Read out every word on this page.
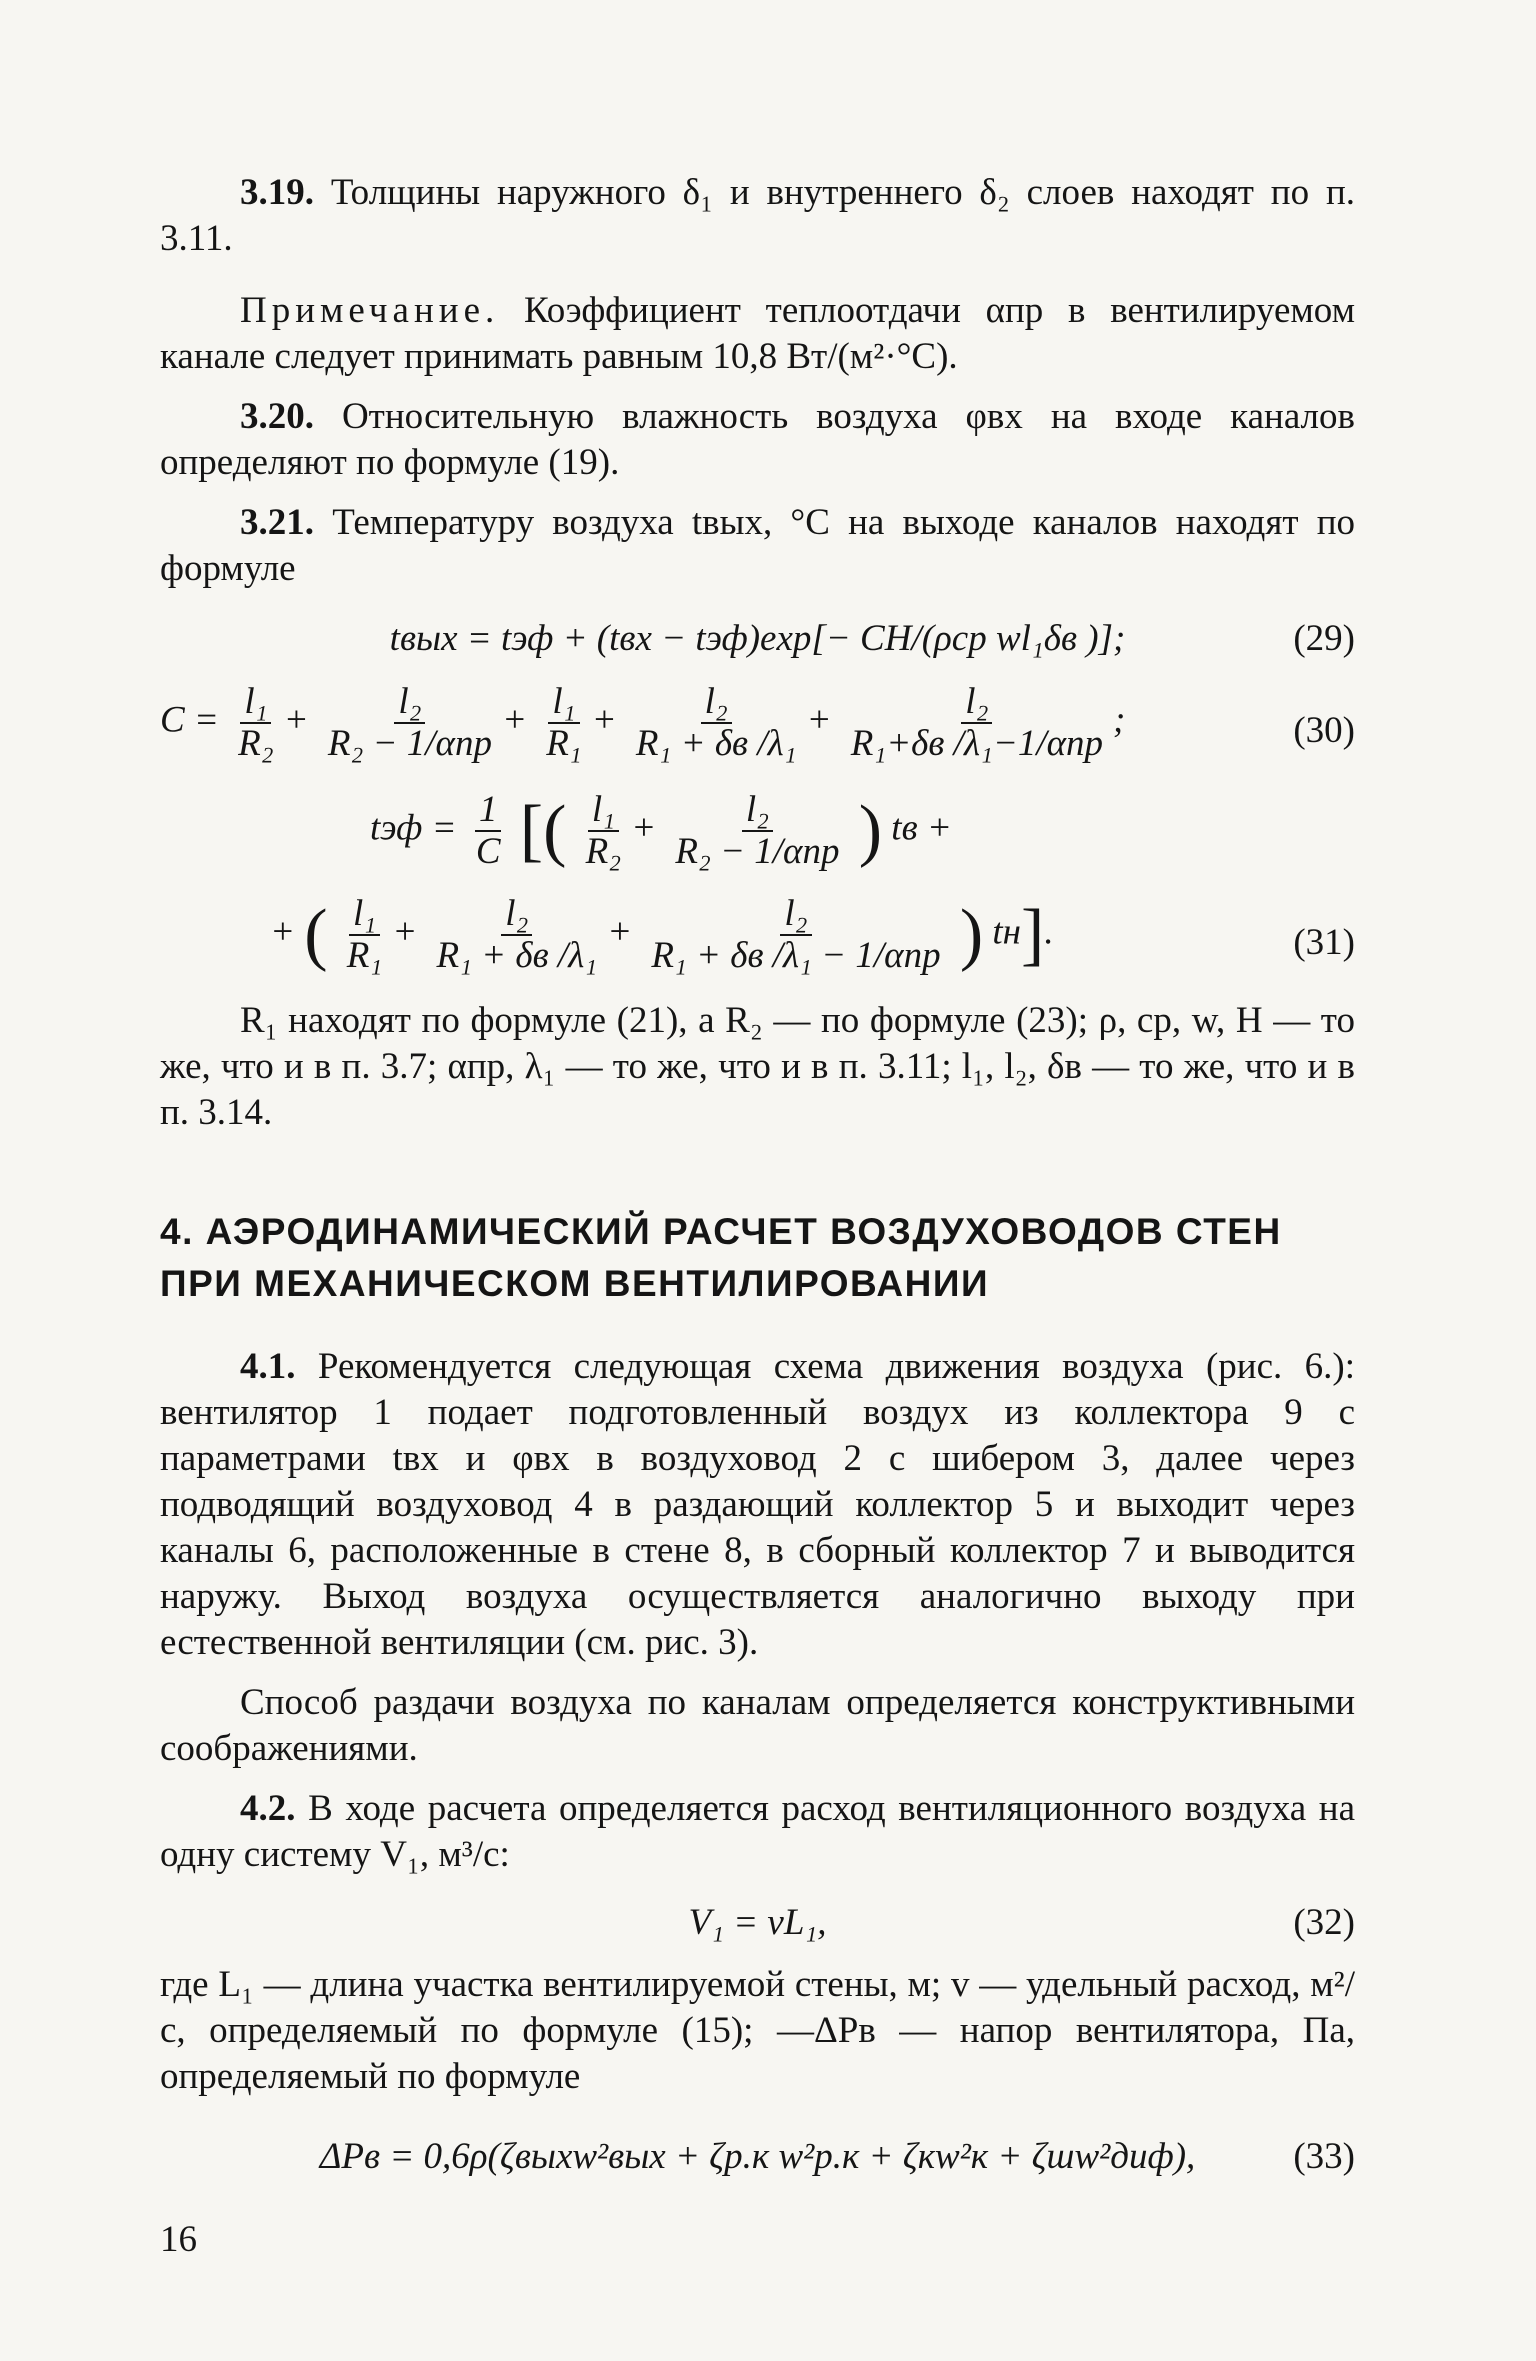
3.19. Толщины наружного δ₁ и внутреннего δ₂ слоев находят по п. 3.11.

Примечание. Коэффициент теплоотдачи αпр в вентилируемом канале следует принимать равным 10,8 Вт/(м²·°С).

3.20. Относительную влажность воздуха φвх на входе каналов определяют по формуле (19).

3.21. Температуру воздуха tвых, °С на выходе каналов находят по формуле

tвых = tэф + (tвх − tэф)exp[− CH/(ρcp wl₁δв )];	(29)
$C = \frac{\text{l₁}}{\text{R₂}} + \frac{\text{l₂}}{\text{R₂ − 1/αпр}} + \frac{\text{l₁}}{\text{R₁}} + \frac{\text{l₂}}{\text{R₁ + δв /λ₁}} + \frac{\text{l₂}}{\text{R₁+δв /λ₁−1/αпр}}$ ;	(30)
tэф = $\frac{1}{C}$ [( $\frac{\text{l₁}}{\text{R₂}} + \frac{\text{l₂}}{\text{R₂ − 1/αпр}}$ ) tв +
+ ( $\frac{\text{l₁}}{\text{R₁}} + \frac{\text{l₂}}{\text{R₁ + δв /λ₁}} + \frac{\text{l₂}}{\text{R₁ + δв /λ₁ − 1/αпр}}$ ) tн].	(31)

R₁ находят по формуле (21), а R₂ — по формуле (23); ρ, cp, w, H — то же, что и в п. 3.7; αпр, λ₁ — то же, что и в п. 3.11; l₁, l₂, δв — то же, что и в п. 3.14.

4. АЭРОДИНАМИЧЕСКИЙ РАСЧЕТ ВОЗДУХОВОДОВ СТЕН ПРИ МЕХАНИЧЕСКОМ ВЕНТИЛИРОВАНИИ

4.1. Рекомендуется следующая схема движения воздуха (рис. 6.): вентилятор 1 подает подготовленный воздух из коллектора 9 с параметрами tвх и φвх в воздуховод 2 с шибером 3, далее через подводящий воздуховод 4 в раздающий коллектор 5 и выходит через каналы 6, расположенные в стене 8, в сборный коллектор 7 и выводится наружу. Выход воздуха осуществляется аналогично выходу при естественной вентиляции (см. рис. 3).

Способ раздачи воздуха по каналам определяется конструктивными соображениями.

4.2. В ходе расчета определяется расход вентиляционного воздуха на одну систему V₁, м³/с:

V₁ = vL₁,	(32)

где L₁ — длина участка вентилируемой стены, м; v — удельный расход, м²/с, определяемый по формуле (15); —ΔPв — напор вентилятора, Па, определяемый по формуле

ΔPв = 0,6ρ(ζвыхw²вых + ζр.к w²р.к + ζкw²к + ζшw²диф),	(33)
16
